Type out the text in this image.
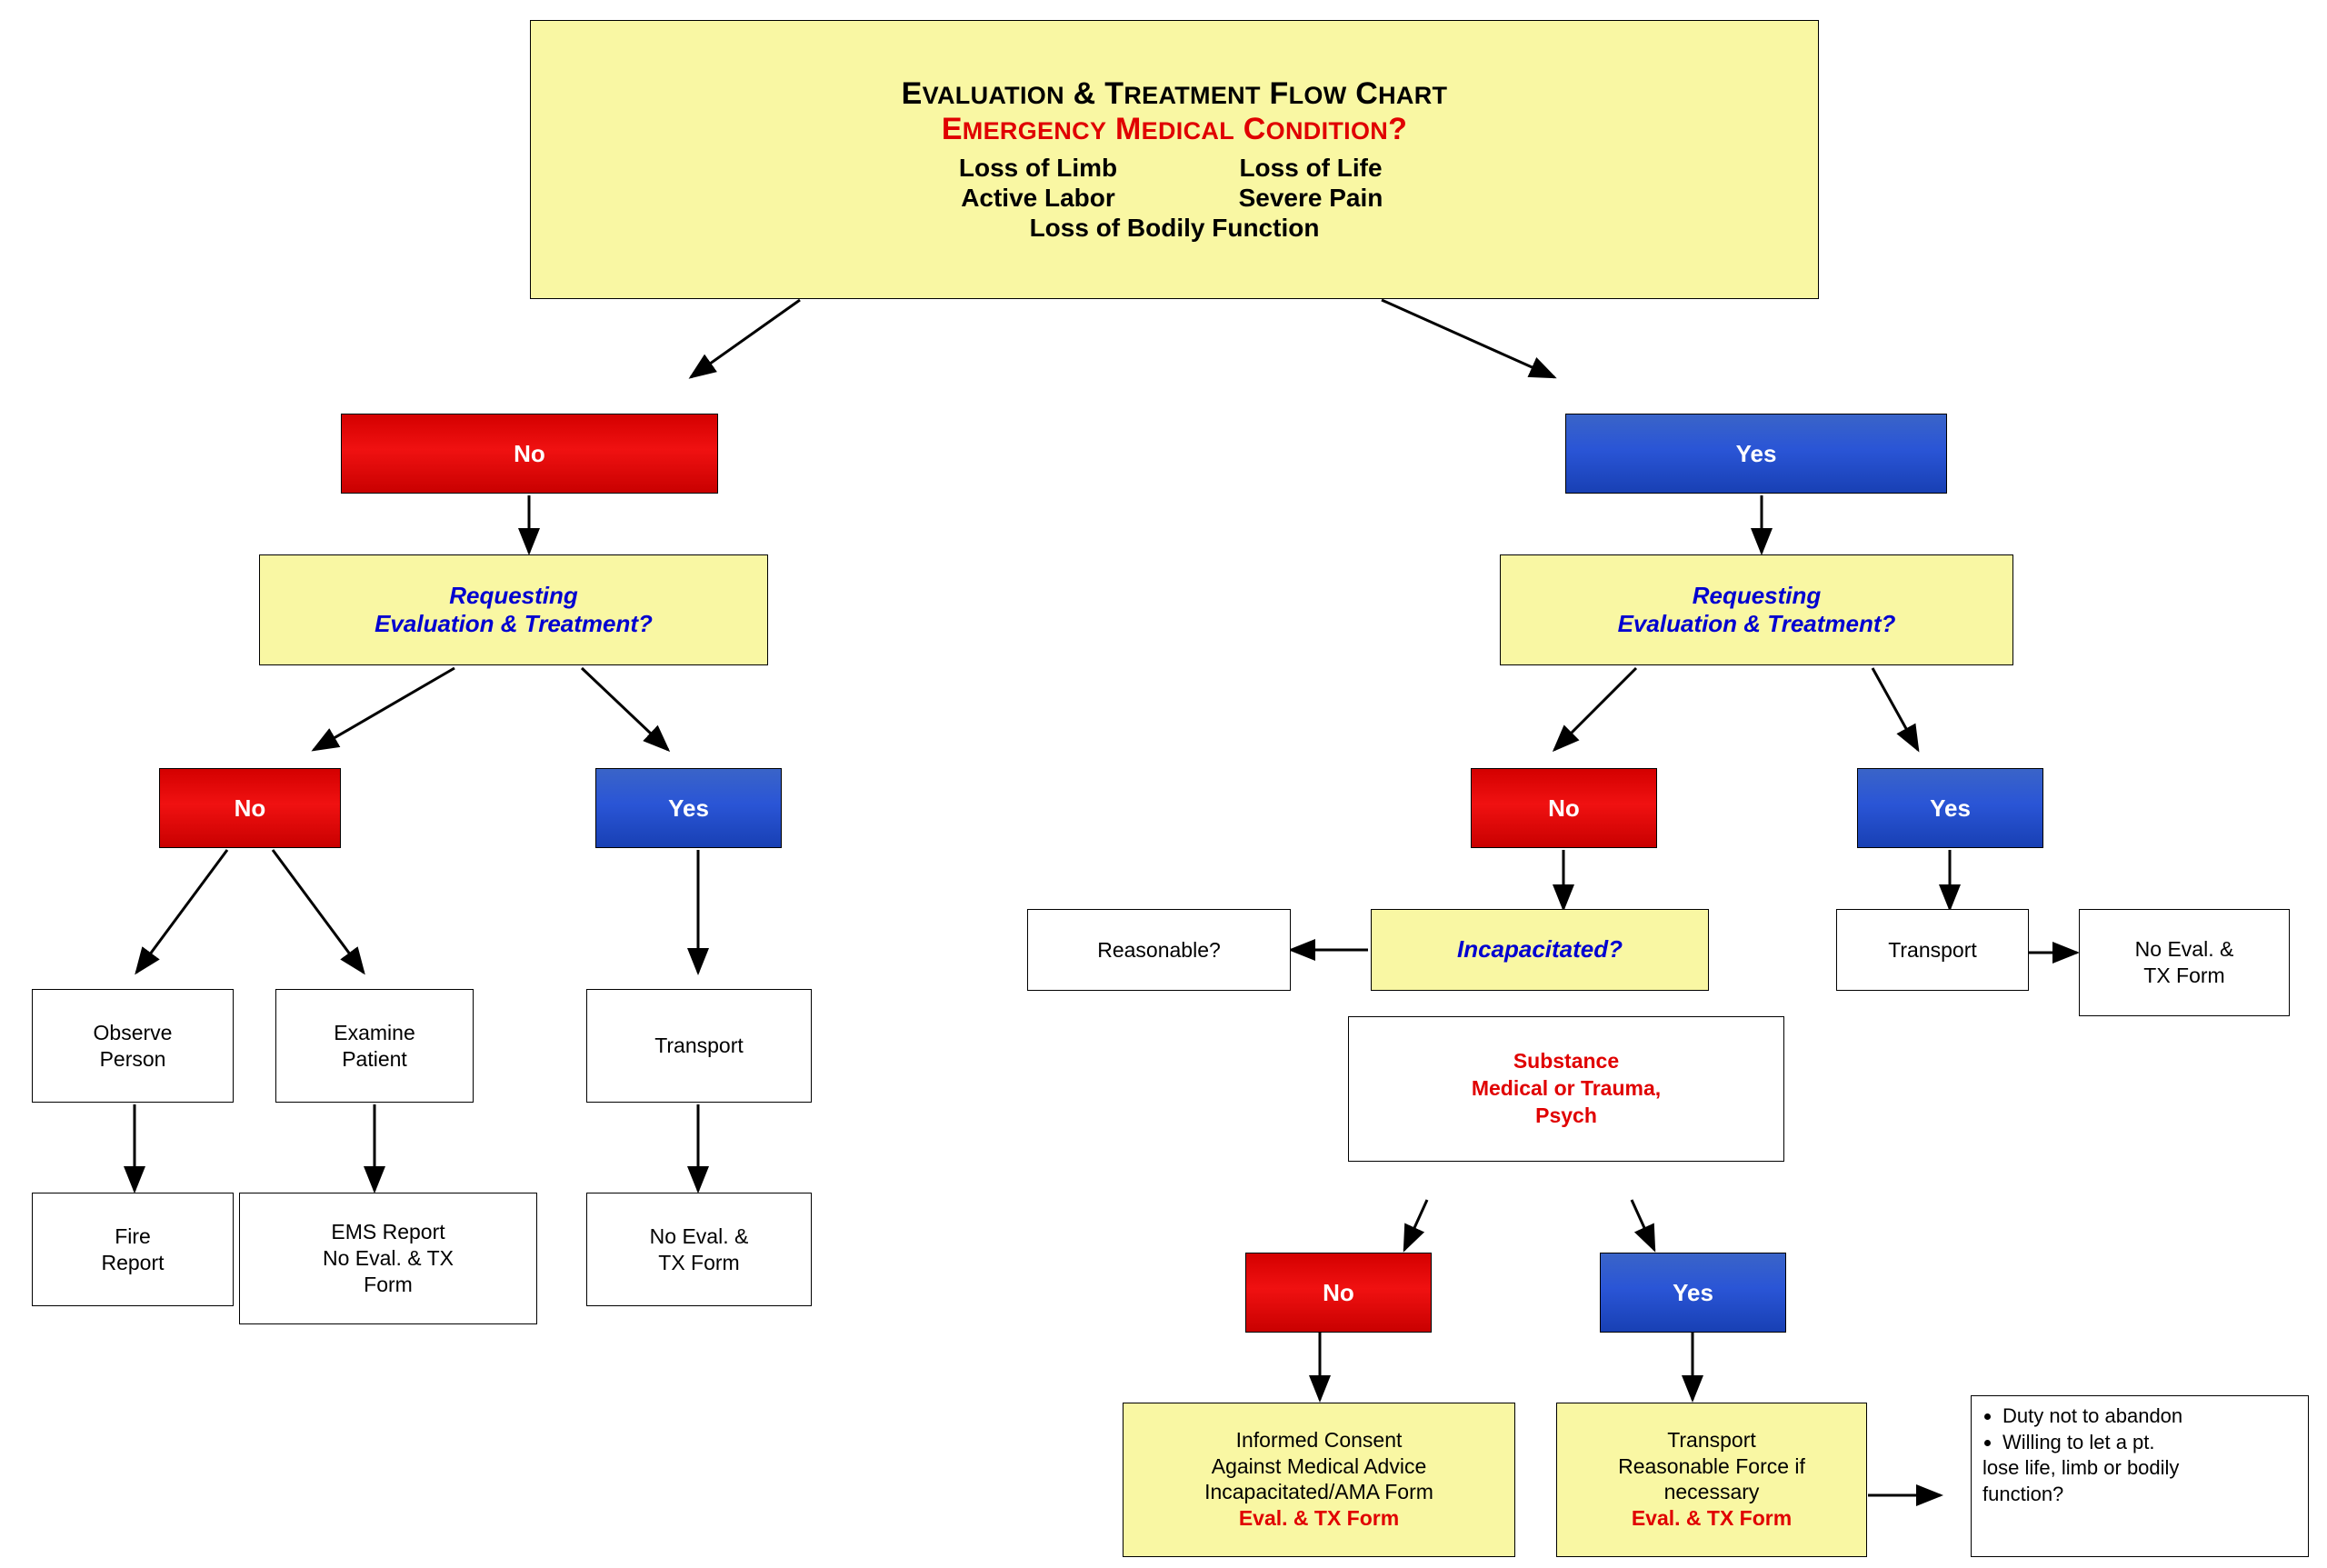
EVALUATION & TREATMENT FLOW CHART
EMERGENCY MEDICAL CONDITION?
Loss of Limb	Loss of Life
Active Labor	Severe Pain
Loss of Bodily Function
No
Requesting
Evaluation & Treatment?
No	Yes
Observe
Person
Examine
Patient
Transport
Fire
Report
EMS Report
No Eval. & TX
Form
No Eval. &
TX Form
Yes
Requesting
Evaluation & Treatment?
No	Yes
Reasonable?	Incapacitated?	Transport	No Eval. &
TX Form
Substance
Medical or Trauma,
Psych
No	Yes
Informed Consent
Against Medical Advice
Incapacitated/AMA Form
Eval. & TX Form
Transport
Reasonable Force if
necessary
Eval. & TX Form
• Duty not to abandon
• Willing to let a pt.
lose life, limb or bodily
function?
